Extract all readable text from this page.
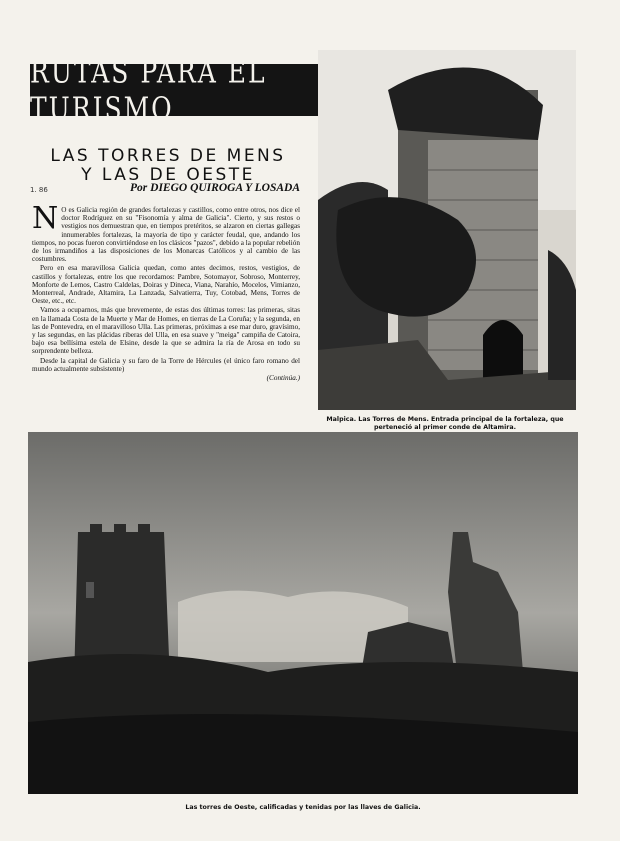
RUTAS PARA EL TURISMO
LAS TORRES DE MENS
Y LAS DE OESTE
Por DIEGO QUIROGA Y LOSADA

N O es Galicia región de grandes fortalezas y castillos, como entre otros, nos dice el doctor Rodríguez en su "Fisonomía y alma de Galicia". Cierto, y sus restos o vestigios nos demuestran que, en tiempos pretéritos, se alzaron en ciertas gallegas innumerables fortalezas, la mayoría de tipo y carácter feudal, que, andando los tiempos, no pocas fueron convirtiéndose en los clásicos "pazos", debido a la popular rebelión de los irmandiños a las disposiciones de los Monarcas Católicos y al cambio de las costumbres.

Pero en esa maravillosa Galicia quedan, como antes decimos, restos, vestigios, de castillos y fortalezas, entre los que recordamos: Pambre, Sotomayor, Sobroso, Monterrey, Monforte de Lemos, Castro Caldelas, Doiras y Dineca, Viana, Narahío, Mocelos, Vimianzo, Monterreal, Andrade, Altamira, La Lanzada, Salvatierra, Tuy, Cotobad, Mens, Torres de Oeste, etc., etc.

Vamos a ocuparnos, más que brevemente, de estas dos últimas torres: las primeras, sitas en la llamada Costa de la Muerte y Mar de Homes, en tierras de La Coruña; y la segunda, en las de Pontevedra, en el maravilloso Ulla. Las primeras, próximas a ese mar duro, gravísimo, y las segundas, en las plácidas riberas del Ulla, en esa suave y "meiga" campiña de Catoira, bajo esa bellísima estela de Elsine, desde la que se admira la ría de Arosa en todo su sorprendente belleza.

Desde la capital de Galicia y su faro de la Torre de Hércules (el único faro romano del mundo actualmente subsistente)

(Continúa.)
1. 86
Malpica. Las Torres de Mens. Entrada principal de la fortaleza, que perteneció al primer conde de Altamira.
Las torres de Oeste, calificadas y tenidas por las llaves de Galicia.
